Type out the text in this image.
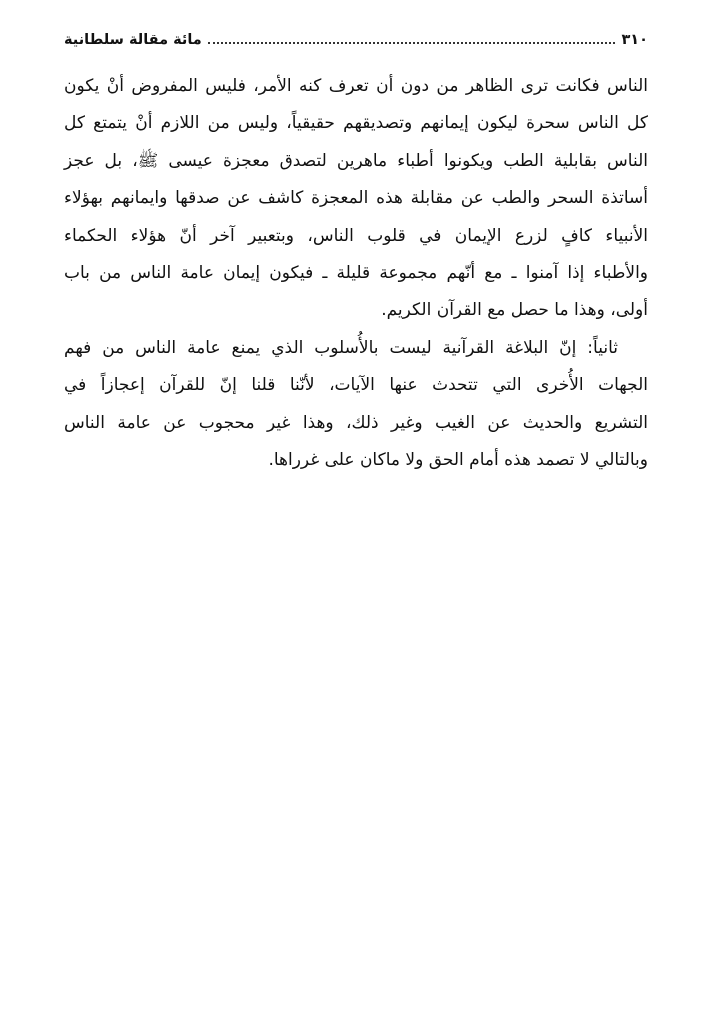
٣١٠
مائة مقالة سلطانية
الناس فكانت ترى الظاهر من دون أن تعرف كنه الأمر، فليس المفروض أنْ يكون
كل الناس سحرة ليكون إيمانهم وتصديقهم حقيقياً، وليس من اللازم أنْ يتمتع كل
الناس بقابلية الطب ويكونوا أطباء ماهرين لتصدق معجزة عيسى ﷺ، بل عجز
أساتذة السحر والطب عن مقابلة هذه المعجزة كاشف عن صدقها وايمانهم بهؤلاء
الأنبياء كافٍ لزرع الإيمان في قلوب الناس، وبتعبير آخر أنّ هؤلاء الحكماء
والأطباء إذا آمنوا ـ مع أنّهم مجموعة قليلة ـ فيكون إيمان عامة الناس من باب
أولى، وهذا ما حصل مع القرآن الكريم.
ثانياً: إنّ البلاغة القرآنية ليست بالأُسلوب الذي يمنع عامة الناس من فهم
الجهات الأُخرى التي تتحدث عنها الآيات، لأنّنا قلنا إنّ للقرآن إعجازاً في
التشريع والحديث عن الغيب وغير ذلك، وهذا غير محجوب عن عامة الناس
وبالتالي لا تصمد هذه أمام الحق ولا ماكان على غرراها.
